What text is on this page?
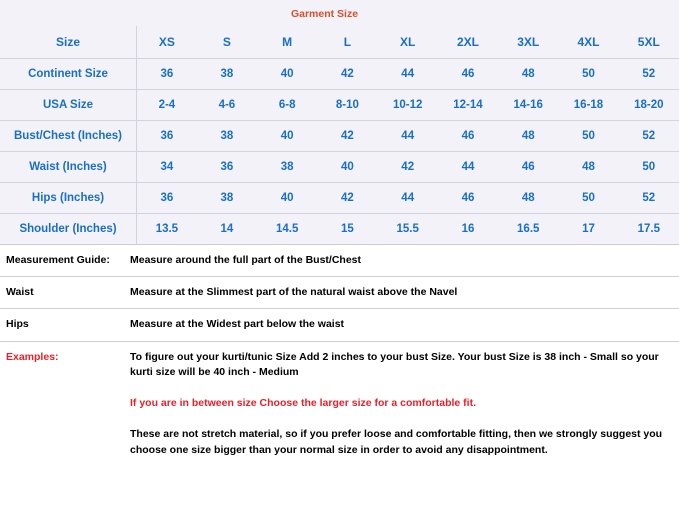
Garment Size
Size	XS	S	M	L	XL	2XL	3XL	4XL	5XL
Continent Size	36	38	40	42	44	46	48	50	52
USA Size	2-4	4-6	6-8	8-10	10-12	12-14	14-16	16-18	18-20
Bust/Chest (Inches)	36	38	40	42	44	46	48	50	52
Waist (Inches)	34	36	38	40	42	44	46	48	50
Hips (Inches)	36	38	40	42	44	46	48	50	52
Shoulder (Inches)	13.5	14	14.5	15	15.5	16	16.5	17	17.5
Measurement Guide:	Measure around the full part of the Bust/Chest
Waist	Measure at the Slimmest part of the natural waist above the Navel
Hips	Measure at the Widest part below the waist
Examples:	To figure out your kurti/tunic Size Add 2 inches to your bust Size. Your bust Size is 38 inch - Small so your kurti size will be 40 inch - Medium
	If you are in between size Choose the larger size for a comfortable fit.
	These are not stretch material, so if you prefer loose and comfortable fitting, then we strongly suggest you choose one size bigger than your normal size in order to avoid any disappointment.
